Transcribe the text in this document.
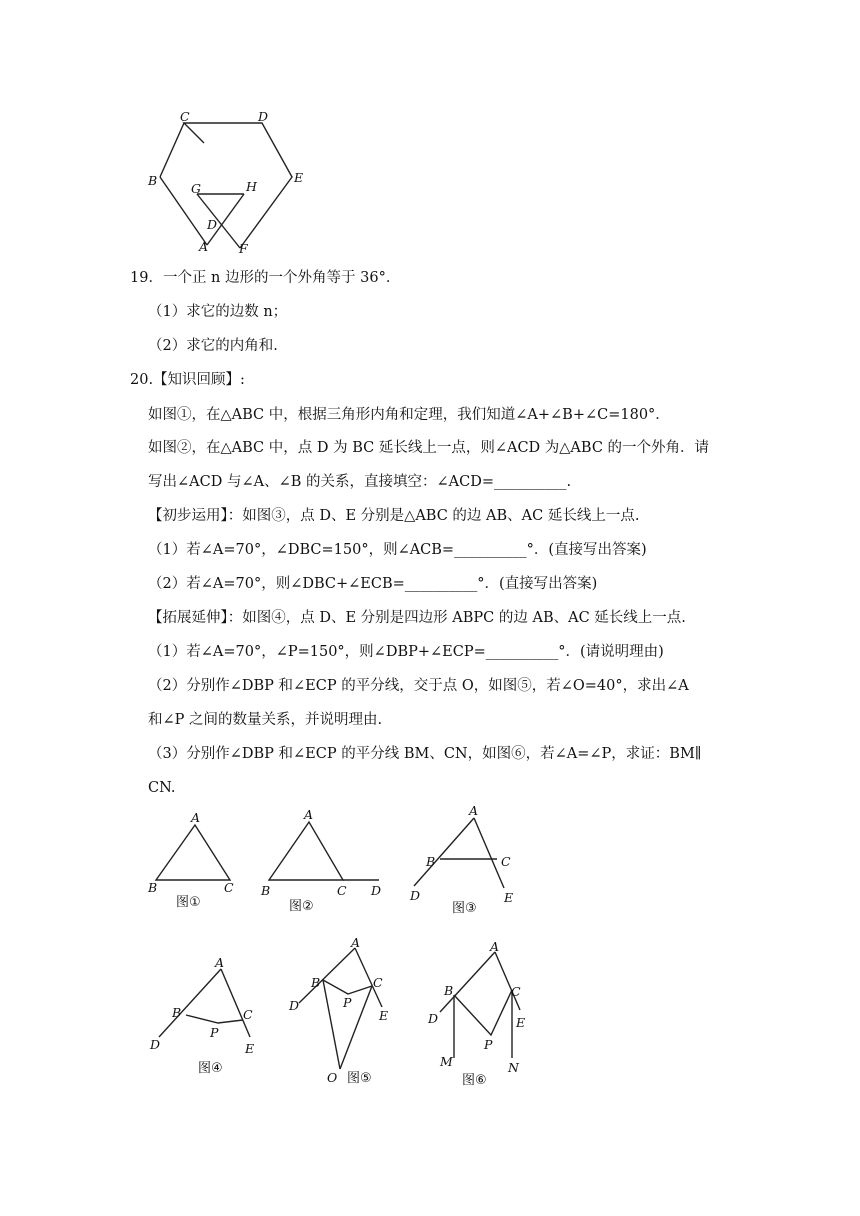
C	D
B	E
G	H
D
A F
19．一个正 n 边形的一个外角等于 36°．
（1）求它的边数 n；
（2）求它的内角和.
20.【知识回顾】:
如图①，在△ABC 中，根据三角形内角和定理，我们知道∠A+∠B+∠C=180°．
如图②，在△ABC 中，点 D 为 BC 延长线上一点，则∠ACD 为△ABC 的一个外角．请
写出∠ACD 与∠A、∠B 的关系，直接填空：∠ACD=__________.
【初步运用】：如图③，点 D、E 分别是△ABC 的边 AB、AC 延长线上一点.
（1）若∠A=70°，∠DBC=150°，则∠ACB=__________°．(直接写出答案)
（2）若∠A=70°，则∠DBC+∠ECB=__________°．(直接写出答案)
【拓展延伸】：如图④，点 D、E 分别是四边形 ABPC 的边 AB、AC 延长线上一点.
（1）若∠A=70°，∠P=150°，则∠DBP+∠ECP=__________°．(请说明理由)
（2）分别作∠DBP 和∠ECP 的平分线，交于点 O，如图⑤，若∠O=40°，求出∠A
和∠P 之间的数量关系，并说明理由.
（3）分别作∠DBP 和∠ECP 的平分线 BM、CN，如图⑥，若∠A=∠P，求证：BM∥
CN.
A
B	C
图①
A
B	C D
图②
A
B	C
D	E
图③
A
B	C
P
D	E
图④
A
B	C
P
D
E
O 图⑤
A
B	C
D	E
P
M	N
图⑥
